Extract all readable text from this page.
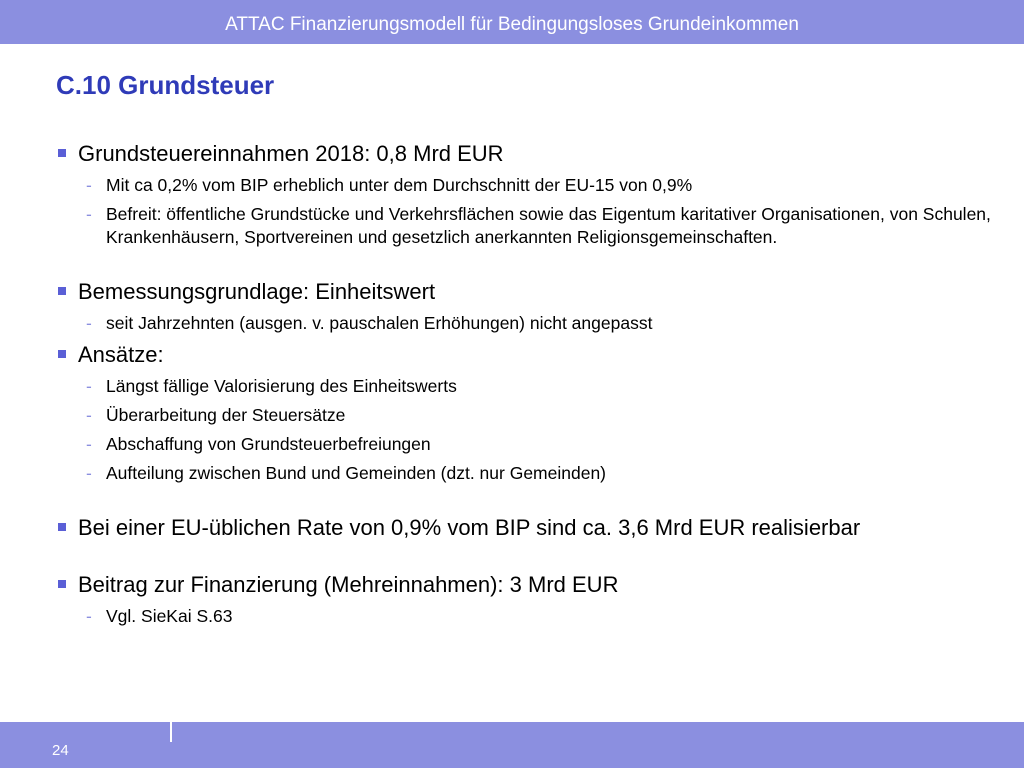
ATTAC Finanzierungsmodell für Bedingungsloses Grundeinkommen
C.10 Grundsteuer
Grundsteuereinnahmen 2018: 0,8 Mrd EUR
- Mit ca 0,2% vom BIP erheblich unter dem Durchschnitt der EU-15 von 0,9%
- Befreit: öffentliche Grundstücke und Verkehrsflächen sowie das Eigentum karitativer Organisationen, von Schulen, Krankenhäusern, Sportvereinen und gesetzlich anerkannten Religionsgemeinschaften.
Bemessungsgrundlage: Einheitswert
- seit Jahrzehnten (ausgen. v. pauschalen Erhöhungen) nicht angepasst
Ansätze:
- Längst fällige Valorisierung des Einheitswerts
- Überarbeitung der Steuersätze
- Abschaffung von Grundsteuerbefreiungen
- Aufteilung zwischen Bund und Gemeinden (dzt. nur Gemeinden)
Bei einer EU-üblichen Rate von 0,9% vom BIP sind ca. 3,6 Mrd EUR realisierbar
Beitrag zur Finanzierung (Mehreinnahmen): 3 Mrd EUR
- Vgl. SieKai S.63
24
